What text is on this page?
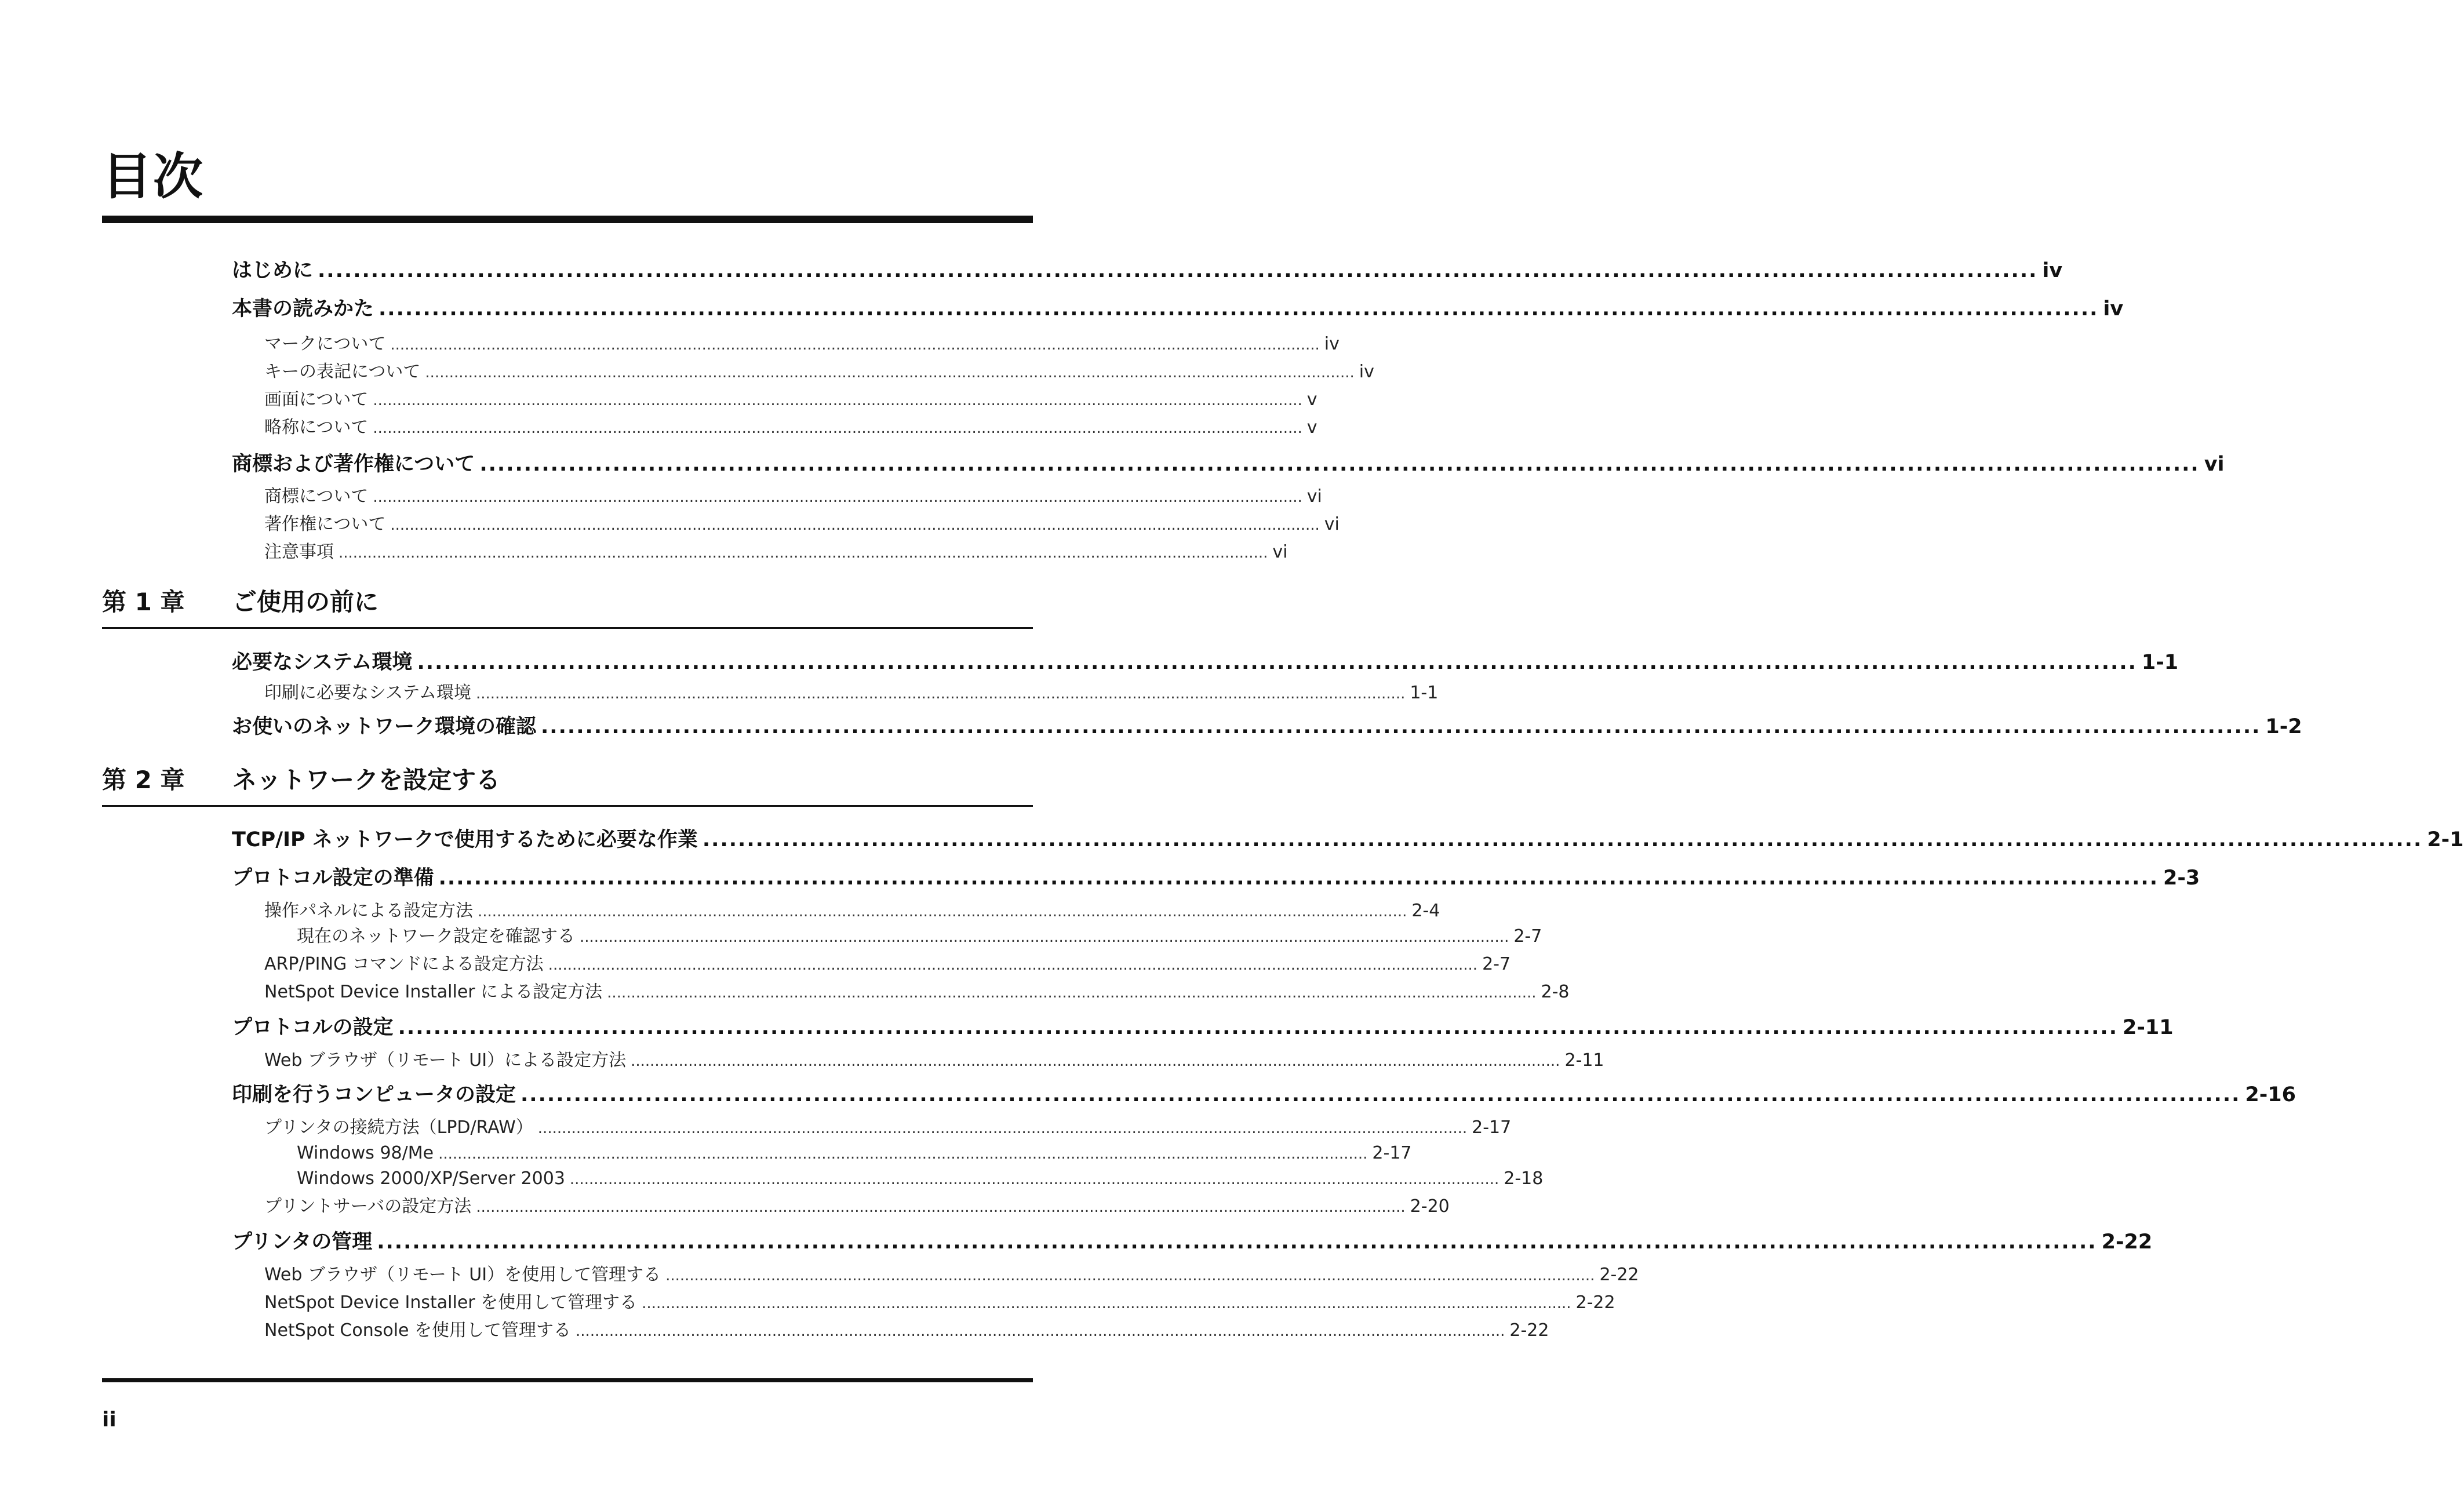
目次
はじめに .................................................................................................................................................................................................. iv
本書の読みかた .................................................................................................................................................................................................. iv
マークについて .................................................................................................................................................................................................. iv
キーの表記について .................................................................................................................................................................................................. iv
画面について .................................................................................................................................................................................................. v
略称について .................................................................................................................................................................................................. v
商標および著作権について .................................................................................................................................................................................................. vi
商標について .................................................................................................................................................................................................. vi
著作権について .................................................................................................................................................................................................. vi
注意事項 .................................................................................................................................................................................................. vi
第 1 章 ご使用の前に
必要なシステム環境 .................................................................................................................................................................................................. 1-1
印刷に必要なシステム環境 .................................................................................................................................................................................................. 1-1
お使いのネットワーク環境の確認 .................................................................................................................................................................................................. 1-2
第 2 章 ネットワークを設定する
TCP/IP ネットワークで使用するために必要な作業 .................................................................................................................................................................................................. 2-1
プロトコル設定の準備 .................................................................................................................................................................................................. 2-3
操作パネルによる設定方法 .................................................................................................................................................................................................. 2-4
現在のネットワーク設定を確認する .................................................................................................................................................................................................. 2-7
ARP/PING コマンドによる設定方法 .................................................................................................................................................................................................. 2-7
NetSpot Device Installer による設定方法 .................................................................................................................................................................................................. 2-8
プロトコルの設定 .................................................................................................................................................................................................. 2-11
Web ブラウザ（リモート UI）による設定方法 .................................................................................................................................................................................................. 2-11
印刷を行うコンピュータの設定 .................................................................................................................................................................................................. 2-16
プリンタの接続方法（LPD/RAW） .................................................................................................................................................................................................. 2-17
Windows 98/Me .................................................................................................................................................................................................. 2-17
Windows 2000/XP/Server 2003 .................................................................................................................................................................................................. 2-18
プリントサーバの設定方法 .................................................................................................................................................................................................. 2-20
プリンタの管理 .................................................................................................................................................................................................. 2-22
Web ブラウザ（リモート UI）を使用して管理する .................................................................................................................................................................................................. 2-22
NetSpot Device Installer を使用して管理する .................................................................................................................................................................................................. 2-22
NetSpot Console を使用して管理する .................................................................................................................................................................................................. 2-22
ii
